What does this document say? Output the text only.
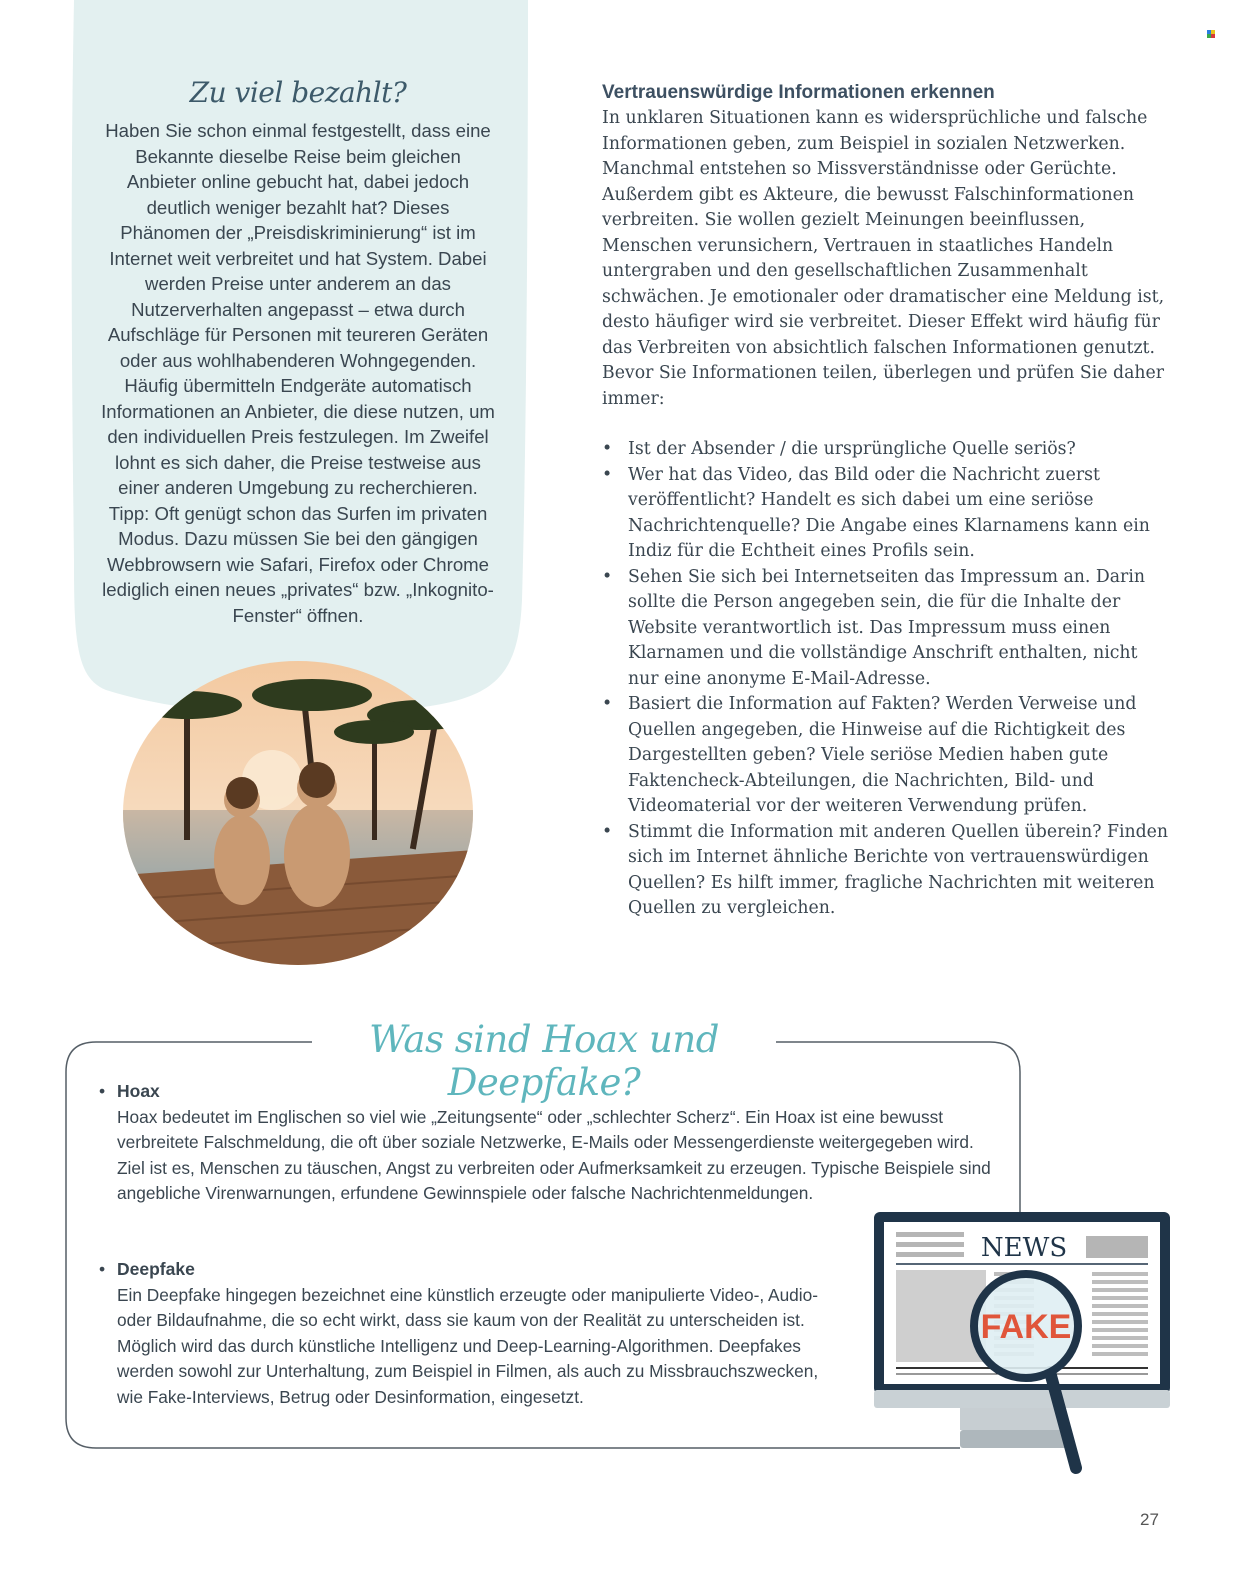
Zu viel bezahlt?
Haben Sie schon einmal festgestellt, dass eine Bekannte dieselbe Reise beim gleichen Anbieter online gebucht hat, dabei jedoch deutlich weniger bezahlt hat? Dieses Phänomen der „Preisdiskriminierung“ ist im Internet weit verbreitet und hat System. Dabei werden Preise unter anderem an das Nutzerverhalten angepasst – etwa durch Aufschläge für Personen mit teureren Geräten oder aus wohlhabenderen Wohngegenden. Häufig übermitteln Endgeräte automatisch Informationen an Anbieter, die diese nutzen, um den individuellen Preis festzulegen. Im Zweifel lohnt es sich daher, die Preise testweise aus einer anderen Umgebung zu recherchieren. Tipp: Oft genügt schon das Surfen im privaten Modus. Dazu müssen Sie bei den gängigen Webbrowsern wie Safari, Firefox oder Chrome lediglich einen neues „privates“ bzw. „Inkognito-Fenster“ öffnen.
Vertrauenswürdige Informationen erkennen

In unklaren Situationen kann es widersprüchliche und falsche Informationen geben, zum Beispiel in sozialen Netzwerken. Manchmal entstehen so Missverständnisse oder Gerüchte. Außerdem gibt es Akteure, die bewusst Falschinformationen verbreiten. Sie wollen gezielt Meinungen beeinflussen, Menschen verunsichern, Vertrauen in staatliches Handeln untergraben und den gesellschaftlichen Zusammenhalt schwächen. Je emotionaler oder dramatischer eine Meldung ist, desto häufiger wird sie verbreitet. Dieser Effekt wird häufig für das Verbreiten von absichtlich falschen Informationen genutzt. Bevor Sie Informationen teilen, überlegen und prüfen Sie daher immer:

• Ist der Absender / die ursprüngliche Quelle seriös?
• Wer hat das Video, das Bild oder die Nachricht zuerst veröffentlicht? Handelt es sich dabei um eine seriöse Nachrichtenquelle? Die Angabe eines Klarnamens kann ein Indiz für die Echtheit eines Profils sein.
• Sehen Sie sich bei Internetseiten das Impressum an. Darin sollte die Person angegeben sein, die für die Inhalte der Website verantwortlich ist. Das Impressum muss einen Klarnamen und die vollständige Anschrift enthalten, nicht nur eine anonyme E-Mail-Adresse.
• Basiert die Information auf Fakten? Werden Verweise und Quellen angegeben, die Hinweise auf die Richtigkeit des Dargestellten geben? Viele seriöse Medien haben gute Faktencheck-Abteilungen, die Nachrichten, Bild- und Videomaterial vor der weiteren Verwendung prüfen.
• Stimmt die Information mit anderen Quellen überein? Finden sich im Internet ähnliche Berichte von vertrauenswürdigen Quellen? Es hilft immer, fragliche Nachrichten mit weiteren Quellen zu vergleichen.
Was sind Hoax und Deepfake?
• Hoax
Hoax bedeutet im Englischen so viel wie „Zeitungsente“ oder „schlechter Scherz“. Ein Hoax ist eine bewusst verbreitete Falschmeldung, die oft über soziale Netzwerke, E-Mails oder Messengerdienste weitergegeben wird. Ziel ist es, Menschen zu täuschen, Angst zu verbreiten oder Aufmerksamkeit zu erzeugen. Typische Beispiele sind angebliche Virenwarnungen, erfundene Gewinnspiele oder falsche Nachrichtenmeldungen.
• Deepfake
Ein Deepfake hingegen bezeichnet eine künstlich erzeugte oder manipulierte Video-, Audio- oder Bildaufnahme, die so echt wirkt, dass sie kaum von der Realität zu unterscheiden ist. Möglich wird das durch künstliche Intelligenz und Deep-Learning-Algorithmen. Deepfakes werden sowohl zur Unterhaltung, zum Beispiel in Filmen, als auch zu Missbrauchszwecken, wie Fake-Interviews, Betrug oder Desinformation, eingesetzt.
NEWS
FAKE
27
